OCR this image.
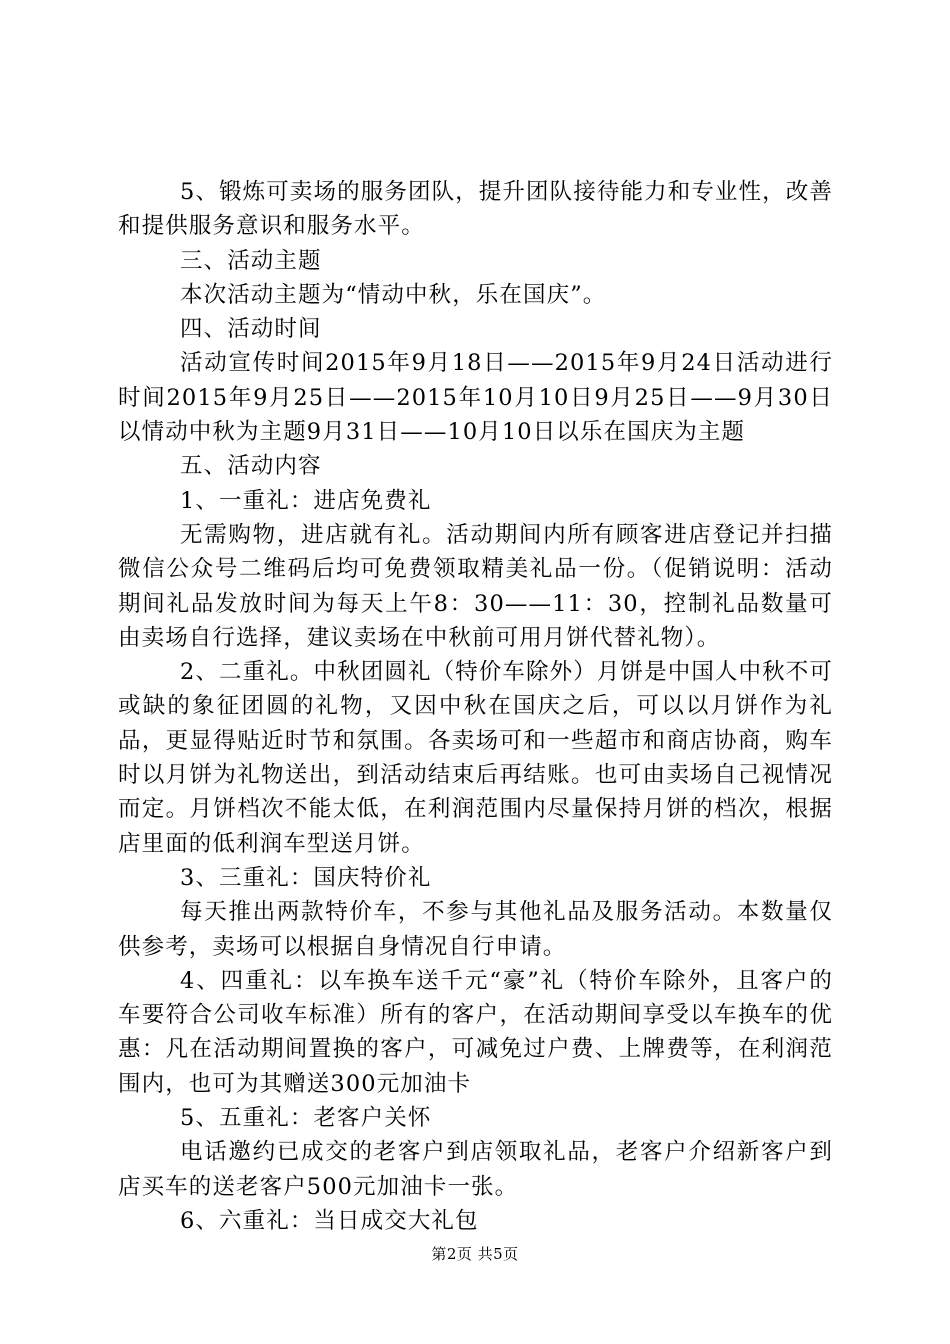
5、锻炼可卖场的服务团队，提升团队接待能力和专业性，改善和提供服务意识和服务水平。

三、活动主题

本次活动主题为“情动中秋，乐在国庆”。

四、活动时间

活动宣传时间2015年9月18日——2015年9月24日活动进行时间2015年9月25日——2015年10月10日9月25日——9月30日以情动中秋为主题9月31日——10月10日以乐在国庆为主题

五、活动内容

1、一重礼：进店免费礼

无需购物，进店就有礼。活动期间内所有顾客进店登记并扫描微信公众号二维码后均可免费领取精美礼品一份。（促销说明：活动期间礼品发放时间为每天上午8：30——11：30，控制礼品数量可由卖场自行选择，建议卖场在中秋前可用月饼代替礼物）。

2、二重礼。中秋团圆礼（特价车除外）月饼是中国人中秋不可或缺的象征团圆的礼物，又因中秋在国庆之后，可以以月饼作为礼品，更显得贴近时节和氛围。各卖场可和一些超市和商店协商，购车时以月饼为礼物送出，到活动结束后再结账。也可由卖场自己视情况而定。月饼档次不能太低，在利润范围内尽量保持月饼的档次，根据店里面的低利润车型送月饼。

3、三重礼：国庆特价礼

每天推出两款特价车，不参与其他礼品及服务活动。本数量仅供参考，卖场可以根据自身情况自行申请。

4、四重礼：以车换车送千元“豪”礼（特价车除外，且客户的车要符合公司收车标准）所有的客户，在活动期间享受以车换车的优惠：凡在活动期间置换的客户，可减免过户费、上牌费等，在利润范围内，也可为其赠送300元加油卡

5、五重礼：老客户关怀

电话邀约已成交的老客户到店领取礼品，老客户介绍新客户到店买车的送老客户500元加油卡一张。

6、六重礼：当日成交大礼包

第2页 共5页
